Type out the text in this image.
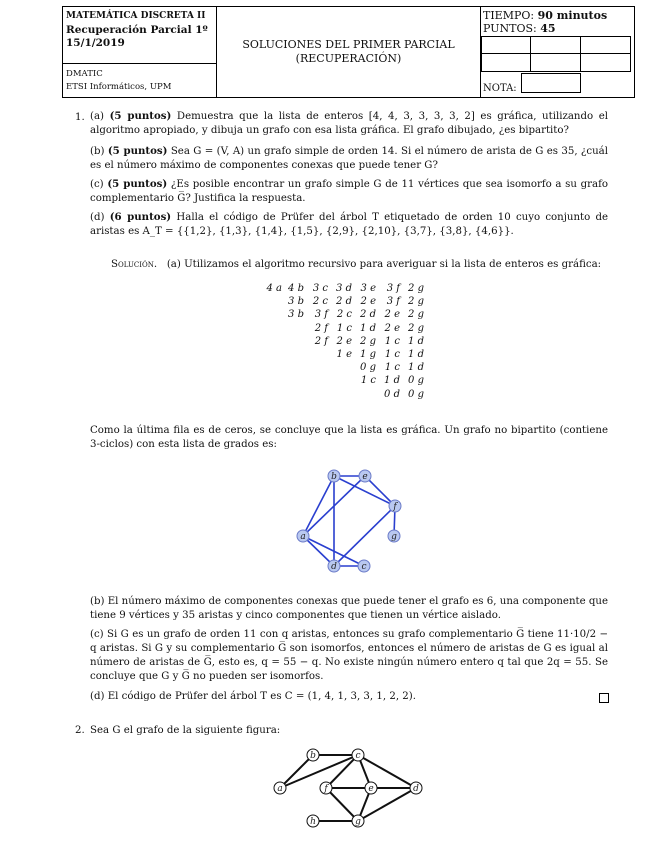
MATEMÁTICA DISCRETA II
Recuperación Parcial 1º
15/1/2019
DMATIC
ETSI Informáticos, UPM
SOLUCIONES DEL PRIMER PARCIAL
(RECUPERACIÓN)
TIEMPO: 90 minutos
PUNTOS: 45
NOTA:
1. (a) (5 puntos) Demuestra que la lista de enteros [4, 4, 3, 3, 3, 3, 2] es gráfica, utilizando el algoritmo apropiado, y dibuja un grafo con esa lista gráfica. El grafo dibujado, ¿es bipartito?
(b) (5 puntos) Sea G = (V, A) un grafo simple de orden 14. Si el número de arista de G es 35, ¿cuál es el número máximo de componentes conexas que puede tener G?
(c) (5 puntos) ¿Es posible encontrar un grafo simple G de 11 vértices que sea isomorfo a su grafo complementario G̅? Justifica la respuesta.
(d) (6 puntos) Halla el código de Prüfer del árbol T etiquetado de orden 10 cuyo conjunto de aristas es A_T = {{1,2}, {1,3}, {1,4}, {1,5}, {2,9}, {2,10}, {3,7}, {3,8}, {4,6}}.
Solución. (a) Utilizamos el algoritmo recursivo para averiguar si la lista de enteros es gráfica:
4 a 4 b 3 c 3 d 3 e	3 f 2 g
3 b 2 c 2 d 2 e	3 f 2 g
3 b	3 f 2 c 2 d 2 e 2 g
2 f 1 c 1 d 2 e 2 g
2 f 2 e 2 g 1 c 1 d
1 e 1 g 1 c 1 d
0 g 1 c 1 d
1 c 1 d 0 g
0 d 0 g
Como la última fila es de ceros, se concluye que la lista es gráfica. Un grafo no bipartito (contiene 3-ciclos) con esta lista de grados es:
b	e
f
g
a
d	c
(b) El número máximo de componentes conexas que puede tener el grafo es 6, una componente que tiene 9 vértices y 35 aristas y cinco componentes que tienen un vértice aislado.
(c) Si G es un grafo de orden 11 con q aristas, entonces su grafo complementario G̅ tiene 11·10/2 − q aristas. Si G y su complementario G̅ son isomorfos, entonces el número de aristas de G es igual al número de aristas de G̅, esto es, q = 55 − q. No existe ningún número entero q tal que 2q = 55. Se concluye que G y G̅ no pueden ser isomorfos.
(d) El código de Prüfer del árbol T es C = (1, 4, 1, 3, 3, 1, 2, 2).
2. Sea G el grafo de la siguiente figura:
b	c
a	f	e	d
h	g
